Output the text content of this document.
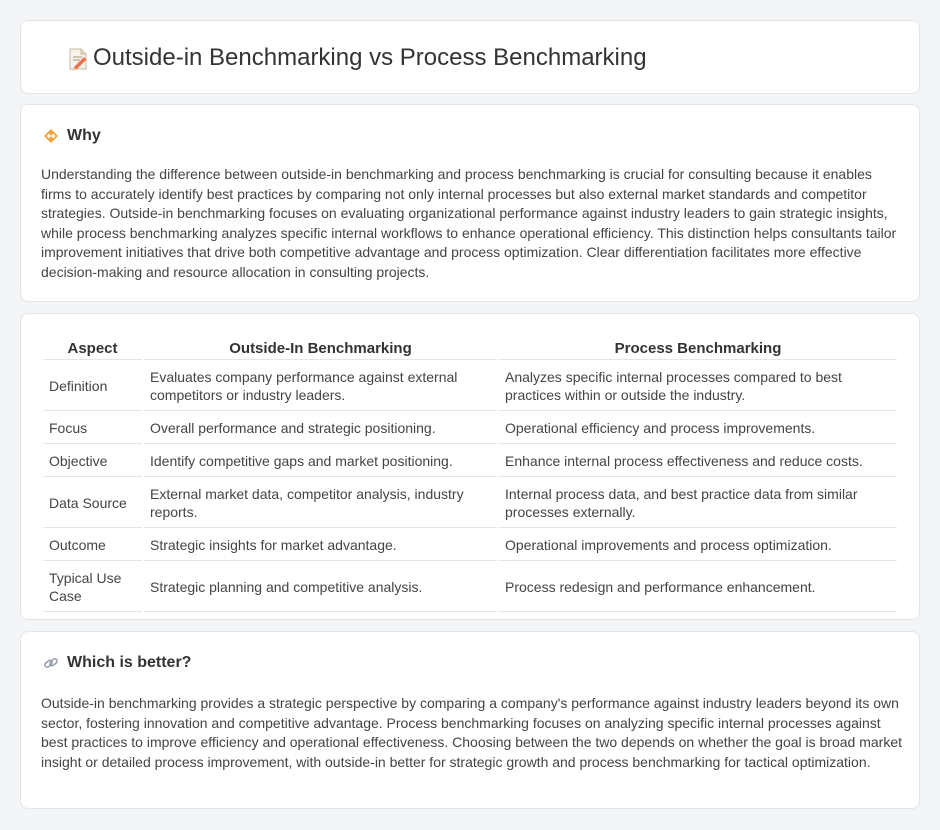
Outside-in Benchmarking vs Process Benchmarking
Why

Understanding the difference between outside-in benchmarking and process benchmarking is crucial for consulting because it enables firms to accurately identify best practices by comparing not only internal processes but also external market standards and competitor strategies. Outside-in benchmarking focuses on evaluating organizational performance against industry leaders to gain strategic insights, while process benchmarking analyzes specific internal workflows to enhance operational efficiency. This distinction helps consultants tailor improvement initiatives that drive both competitive advantage and process optimization. Clear differentiation facilitates more effective decision-making and resource allocation in consulting projects.

Aspect	Outside-In Benchmarking	Process Benchmarking
Definition	Evaluates company performance against external competitors or industry leaders.	Analyzes specific internal processes compared to best practices within or outside the industry.
Focus	Overall performance and strategic positioning.	Operational efficiency and process improvements.
Objective	Identify competitive gaps and market positioning.	Enhance internal process effectiveness and reduce costs.
Data Source	External market data, competitor analysis, industry reports.	Internal process data, and best practice data from similar processes externally.
Outcome	Strategic insights for market advantage.	Operational improvements and process optimization.
Typical Use Case	Strategic planning and competitive analysis.	Process redesign and performance enhancement.
Which is better?

Outside-in benchmarking provides a strategic perspective by comparing a company's performance against industry leaders beyond its own sector, fostering innovation and competitive advantage. Process benchmarking focuses on analyzing specific internal processes against best practices to improve efficiency and operational effectiveness. Choosing between the two depends on whether the goal is broad market insight or detailed process improvement, with outside-in better for strategic growth and process benchmarking for tactical optimization.
